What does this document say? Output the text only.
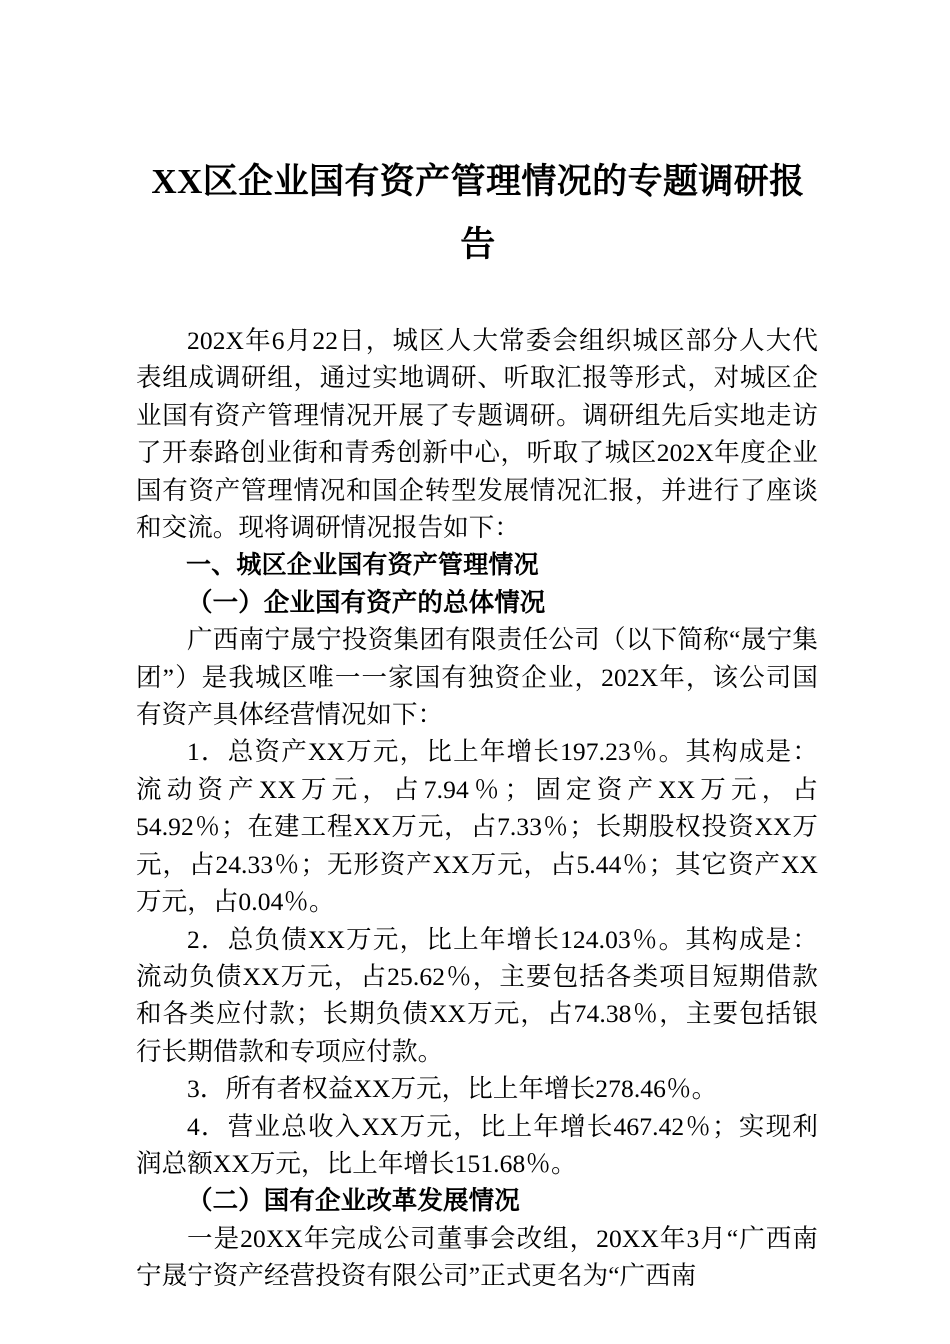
XX区企业国有资产管理情况的专题调研报告

202X年6月22日，城区人大常委会组织城区部分人大代表组成调研组，通过实地调研、听取汇报等形式，对城区企业国有资产管理情况开展了专题调研。调研组先后实地走访了开泰路创业街和青秀创新中心，听取了城区202X年度企业国有资产管理情况和国企转型发展情况汇报，并进行了座谈和交流。现将调研情况报告如下：

一、城区企业国有资产管理情况

（一）企业国有资产的总体情况

广西南宁晟宁投资集团有限责任公司（以下简称“晟宁集团”）是我城区唯一一家国有独资企业，202X年，该公司国有资产具体经营情况如下：

1．总资产XX万元，比上年增长197.23％。其构成是：流动资产XX万元，占7.94％；固定资产XX万元，占54.92％；在建工程XX万元，占7.33％；长期股权投资XX万元，占24.33％；无形资产XX万元，占5.44％；其它资产XX万元，占0.04％。

2．总负债XX万元，比上年增长124.03％。其构成是：流动负债XX万元，占25.62％，主要包括各类项目短期借款和各类应付款；长期负债XX万元，占74.38％，主要包括银行长期借款和专项应付款。

3．所有者权益XX万元，比上年增长278.46％。

4．营业总收入XX万元，比上年增长467.42％；实现利润总额XX万元，比上年增长151.68％。

（二）国有企业改革发展情况

一是20XX年完成公司董事会改组，20XX年3月“广西南宁晟宁资产经营投资有限公司”正式更名为“广西南
